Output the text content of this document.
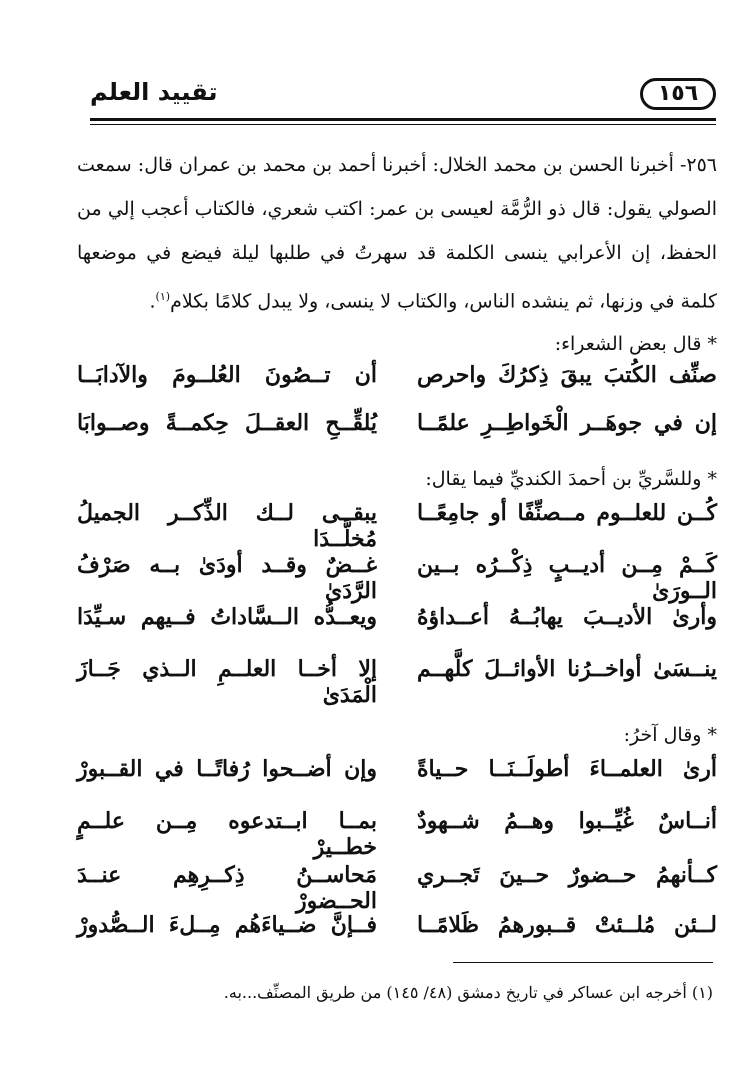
١٥٦
تقييد العلم
٢٥٦- أخبرنا الحسن بن محمد الخلال: أخبرنا أحمد بن محمد بن عمران قال: سمعت الصولي يقول: قال ذو الرُّمَّة لعيسى بن عمر: اكتب شعري، فالكتاب أعجب إلي من الحفظ، إن الأعرابي ينسى الكلمة قد سهرتُ في طلبها ليلة فيضع في موضعها كلمة في وزنها، ثم ينشده الناس، والكتاب لا ينسى، ولا يبدل كلامًا بكلام$^{(١)}$.
* قال بعض الشعراء:
صنِّف الكُتبَ يبقَ ذِكرُكَ واحرص
أن تــصُونَ العُلــومَ والآدابَــا
إن في جوهَــر الْخَواطِــرِ علمًــا
يُلقِّــحِ العقــلَ حِكمــةً وصــوابَا
* وللسَّريِّ بن أحمدَ الكنديِّ فيما يقال:
كُــن للعلــوم مــصنِّفًا أو جامِعًــا
يبقــى لــك الذِّكــر الجميلُ مُخلَّــدَا
كَــمْ مِــن أديــبٍ ذِكْــرُه بــين الــورَىٰ
غــضٌ وقــد أودَىٰ بــه صَرْفُ الرَّدَىٰ
وأرىٰ الأديــبَ يهابُــهُ أعــداؤهُ
ويعــدُّه الــسَّاداتُ فــيهم سـيِّدَا
ينــسَىٰ أواخــرُنا الأوائــلَ كلَّهــم
إلا أخــا العلــمِ الــذي جَــازَ الْمَدَىٰ
* وقال آخرُ:
أرىٰ العلمــاءَ أطولَــنَــا حــياةً
وإن أضــحوا رُفاتًــا في القــبورْ
أنــاسٌ غُيِّــبوا وهــمُ شــهودٌ
بمــا ابــتدعوه مِــن علــمٍ خطــيرْ
كــأنهمُ حــضورٌ حــينَ تَجــري
مَحاســنُ ذِكــرِهِم عنــدَ الحــضورْ
لــئن مُلــئتْ قــبورهمُ ظَلامًــا
فــإنَّ ضــياءَهُم مِــلءَ الــصُّدورْ
(١) أخرجه ابن عساكر في تاريخ دمشق (٤٨/ ١٤٥) من طريق المصنِّف...به.
